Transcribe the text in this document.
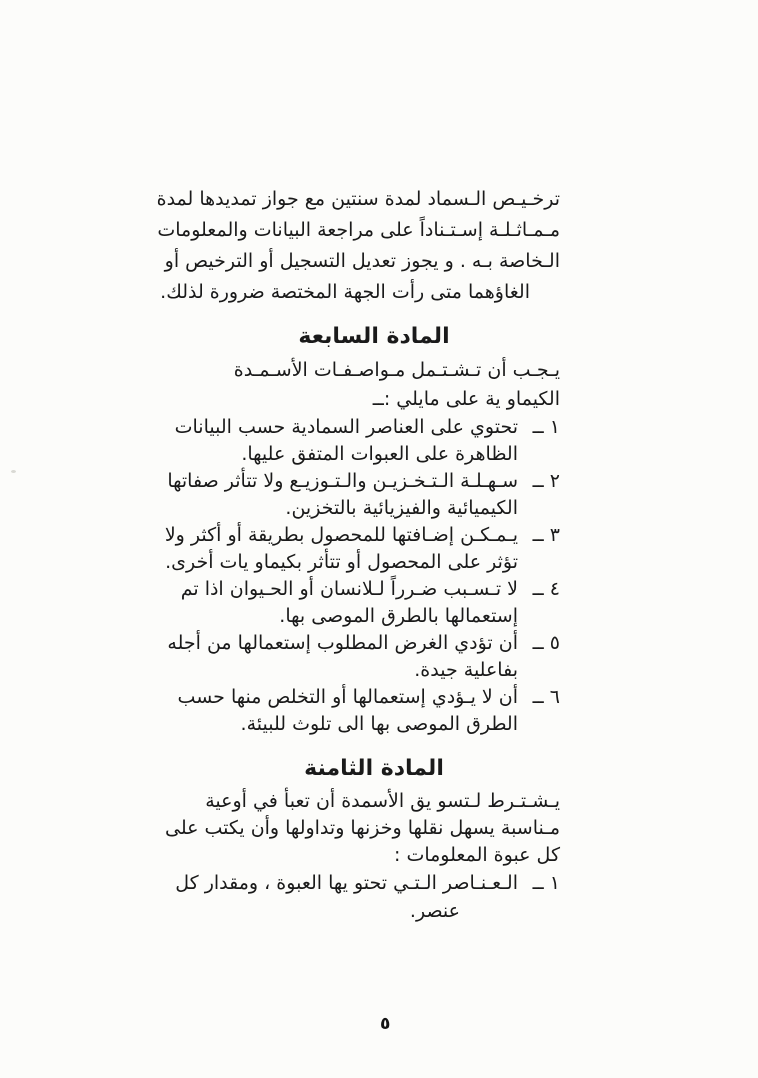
ترخـيـص الـسماد لمدة سنتين مع جواز تمديدها لمدة
مـمـاثـلـة إسـتـناداً على مراجعة البيانات والمعلومات
الـخاصة بـه . و يجوز تعديل التسجيل أو الترخيص أو
الغاؤهما متى رأت الجهة المختصة ضرورة لذلك.
المادة السابعة
يـجـب أن تـشـتـمل مـواصـفـات الأسـمـدة
الكيماو ية على مايلي :ــ
١ ــتحتوي على العناصر السمادية حسب البيانات
الظاهرة على العبوات المتفق عليها.
٢ ــسـهـلـة الـتـخـزيـن والـتـوزيـع ولا تتأثر صفاتها
الكيميائية والفيزيائية بالتخزين.
٣ ــيـمـكـن إضـافتها للمحصول بطريقة أو أكثر ولا
تؤثر على المحصول أو تتأثر بكيماو يات أخرى.
٤ ــلا تـسـبب ضـرراً لـلانسان أو الحـيوان اذا تم
إستعمالها بالطرق الموصى بها.
٥ ــأن تؤدي الغرض المطلوب إستعمالها من أجله
بفاعلية جيدة.
٦ ــأن لا يـؤدي إستعمالها أو التخلص منها حسب
الطرق الموصى بها الى تلوث للبيئة.
المادة الثامنة
يـشـتـرط لـتسو يق الأسمدة أن تعبأ في أوعية
مـناسبة يسهل نقلها وخزنها وتداولها وأن يكتب على
كل عبوة المعلومات :
١ ــالـعـنـاصر الـتـي تحتو يها العبوة ، ومقدار كل
عنصر.
٥
